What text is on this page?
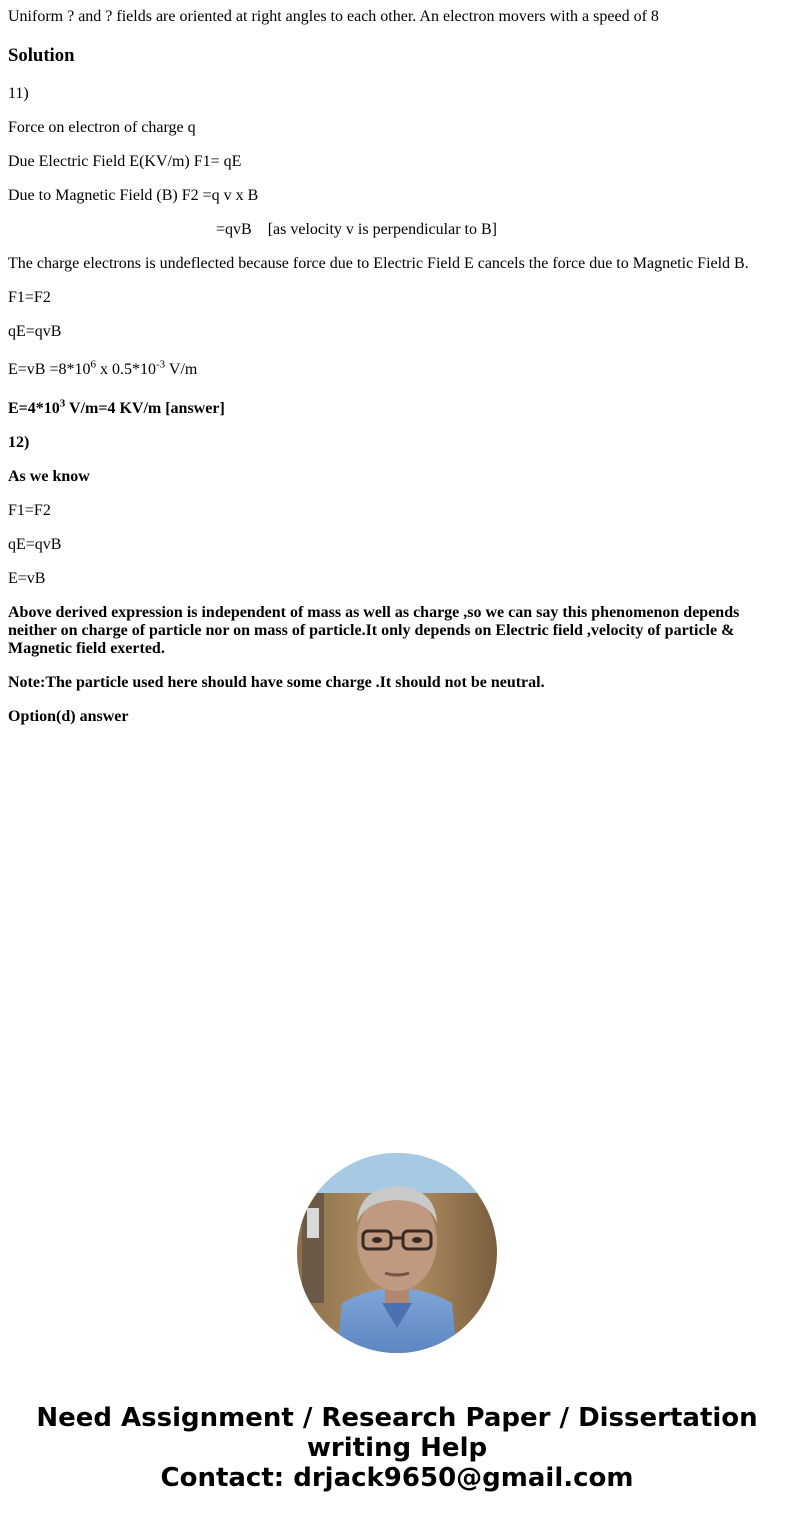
Uniform ? and ? fields are oriented at right angles to each other. An electron movers with a speed of 8

Solution

11)

Force on electron of charge q

Due Electric Field E(KV/m) F1= qE

Due to Magnetic Field (B) F2 =q v x B

=qvB    [as velocity v is perpendicular to B]

The charge electrons is undeflected because force due to Electric Field E cancels the force due to Magnetic Field B.

F1=F2

qE=qvB

$E=vB =8*10^6$ x $0.5*10^{-3}$ V/m

$E=4*10^3$ V/m=4 KV/m [answer]

12)

As we know

F1=F2

qE=qvB

E=vB

Above derived expression is independent of mass as well as charge ,so we can say this phenomenon depends neither on charge of particle nor on mass of particle.It only depends on Electric field ,velocity of particle & Magnetic field exerted.

Note:The particle used here should have some charge .It should not be neutral.

Option(d) answer

Need Assignment / Research Paper / Dissertation
writing Help
Contact: drjack9650@gmail.com
